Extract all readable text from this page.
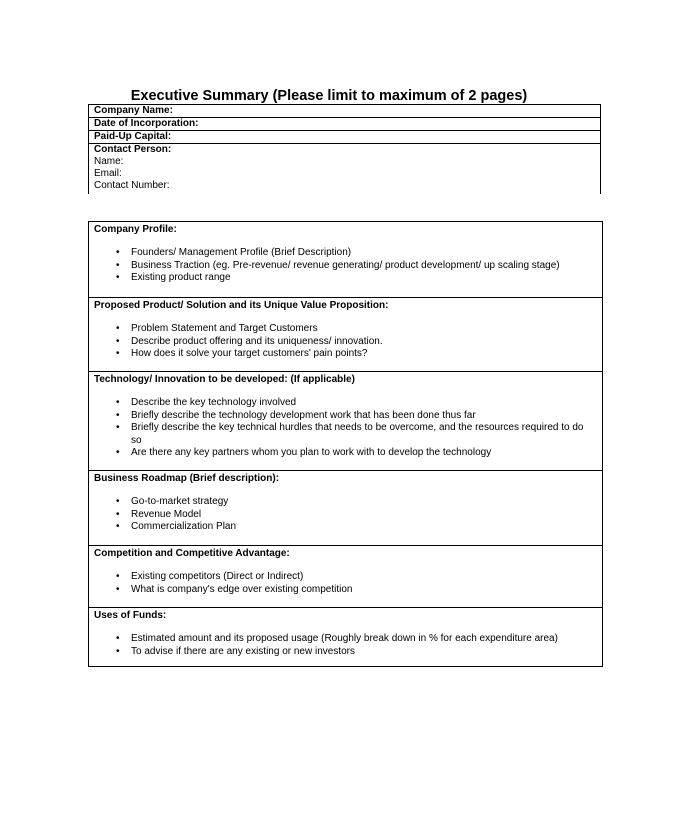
Executive Summary (Please limit to maximum of 2 pages)
Company Name:
Date of Incorporation:
Paid-Up Capital:
Contact Person:
Name:
Email:
Contact Number:
Company Profile:
• Founders/ Management Profile (Brief Description)
• Business Traction (eg. Pre-revenue/ revenue generating/ product development/ up scaling stage)
• Existing product range
Proposed Product/ Solution and its Unique Value Proposition:
• Problem Statement and Target Customers
• Describe product offering and its uniqueness/ innovation.
• How does it solve your target customers' pain points?
Technology/ Innovation to be developed: (If applicable)
• Describe the key technology involved
• Briefly describe the technology development work that has been done thus far
• Briefly describe the key technical hurdles that needs to be overcome, and the resources required to do so
• Are there any key partners whom you plan to work with to develop the technology
Business Roadmap (Brief description):
• Go-to-market strategy
• Revenue Model
• Commercialization Plan
Competition and Competitive Advantage:
• Existing competitors (Direct or Indirect)
• What is company's edge over existing competition
Uses of Funds:
• Estimated amount and its proposed usage (Roughly break down in % for each expenditure area)
• To advise if there are any existing or new investors
